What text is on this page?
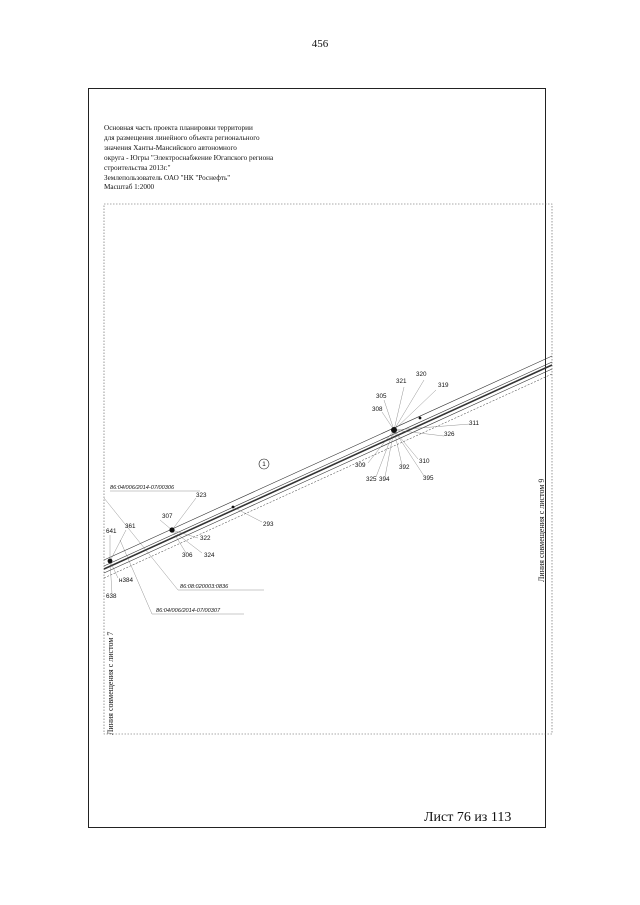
456
Основная часть проекта планировки территории
для размещения линейного объекта регионального
значения Ханты-Мансийского автономного
округа - Югры "Электроснабжение Югапского региона
строительства 2013г."
Землепользователь ОАО "НК "Роснефть"
Масштаб 1:2000
1
320
321
319
305
308
311
326
309
325 394
392
310
395
293
323
307
322
306 324
641
361
н384
638
86:04/006/2014-07/00306
86:08:020003:0836
86:04/006/2014-07/00307
Линия совмещения с листом 7
Линия совмещения с листом 9
Лист 76 из 113
